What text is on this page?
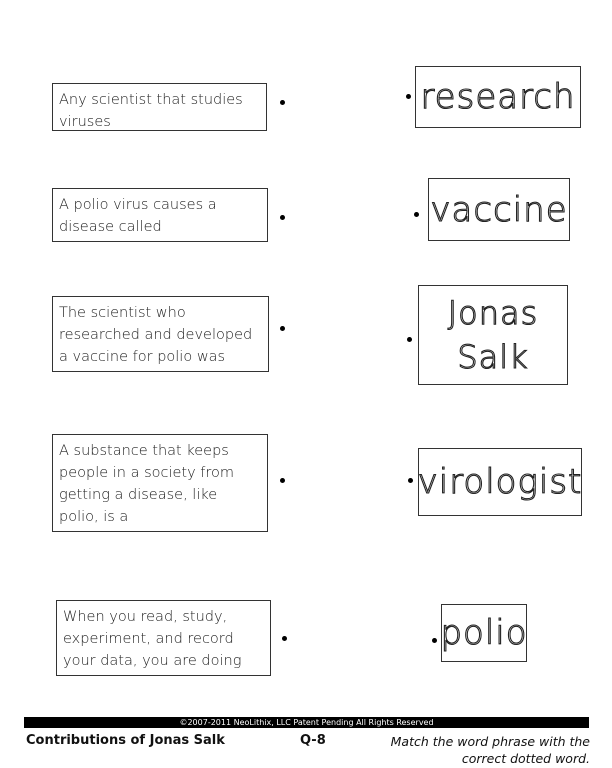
Any scientist that studies viruses
A polio virus causes a disease called
The scientist who researched and developed a vaccine for polio was
A substance that keeps people in a society from getting a disease, like polio, is a
When you read, study, experiment, and record your data, you are doing
research
vaccine
Jonas Salk
virologist
polio
©2007-2011 NeoLithix, LLC Patent Pending All Rights Reserved
Contributions of Jonas Salk	Q-8	Match the word phrase with the correct dotted word.
